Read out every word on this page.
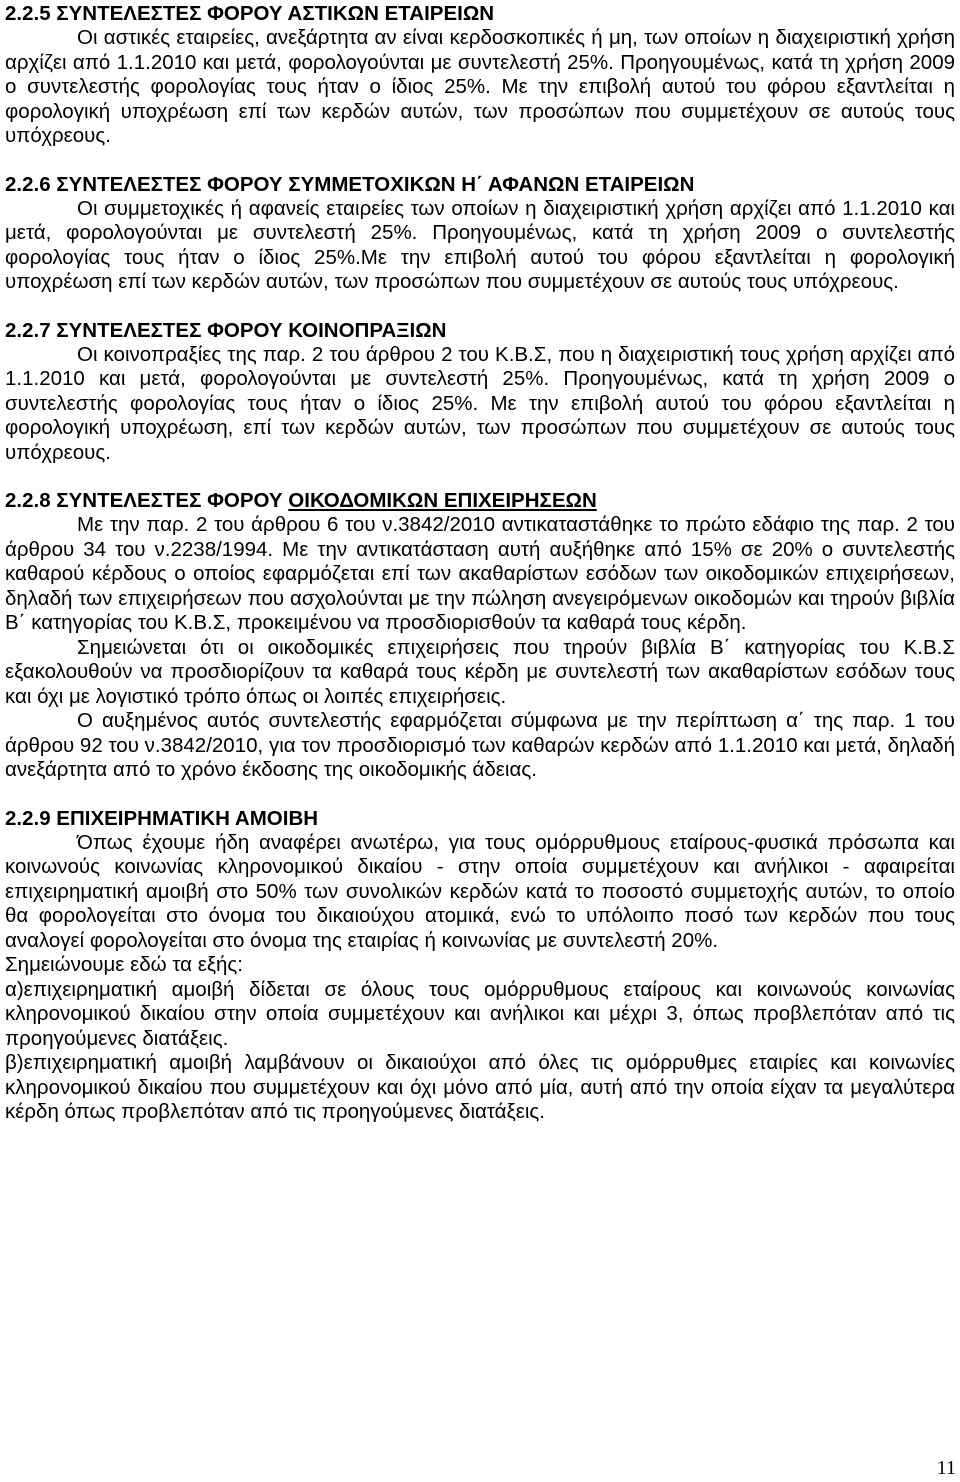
2.2.5 ΣΥΝΤΕΛΕΣΤΕΣ ΦΟΡΟΥ ΑΣΤΙΚΩΝ ΕΤΑΙΡΕΙΩΝ

Οι αστικές εταιρείες, ανεξάρτητα αν είναι κερδοσκοπικές ή μη, των οποίων η διαχειριστική χρήση αρχίζει από 1.1.2010 και μετά, φορολογούνται με συντελεστή 25%. Προηγουμένως, κατά τη χρήση 2009 ο συντελεστής φορολογίας τους ήταν ο ίδιος 25%. Με την επιβολή αυτού του φόρου εξαντλείται η φορολογική υποχρέωση επί των κερδών αυτών, των προσώπων που συμμετέχουν σε αυτούς τους υπόχρεους.

2.2.6 ΣΥΝΤΕΛΕΣΤΕΣ ΦΟΡΟΥ ΣΥΜΜΕΤΟΧΙΚΩΝ Η΄ ΑΦΑΝΩΝ ΕΤΑΙΡΕΙΩΝ

Οι συμμετοχικές ή αφανείς εταιρείες των οποίων η διαχειριστική χρήση αρχίζει από 1.1.2010 και μετά, φορολογούνται με συντελεστή 25%. Προηγουμένως, κατά τη χρήση 2009 ο συντελεστής φορολογίας τους ήταν ο ίδιος 25%.Με την επιβολή αυτού του φόρου εξαντλείται η φορολογική υποχρέωση επί των κερδών αυτών, των προσώπων που συμμετέχουν σε αυτούς τους υπόχρεους.

2.2.7 ΣΥΝΤΕΛΕΣΤΕΣ ΦΟΡΟΥ ΚΟΙΝΟΠΡΑΞΙΩΝ

Οι κοινοπραξίες της παρ. 2 του άρθρου 2 του Κ.Β.Σ, που η διαχειριστική τους χρήση αρχίζει από 1.1.2010 και μετά, φορολογούνται με συντελεστή 25%. Προηγουμένως, κατά τη χρήση 2009 ο συντελεστής φορολογίας τους ήταν ο ίδιος 25%. Με την επιβολή αυτού του φόρου εξαντλείται η φορολογική υποχρέωση, επί των κερδών αυτών, των προσώπων που συμμετέχουν σε αυτούς τους υπόχρεους.

2.2.8 ΣΥΝΤΕΛΕΣΤΕΣ ΦΟΡΟΥ ΟΙΚΟΔΟΜΙΚΩΝ ΕΠΙΧΕΙΡΗΣΕΩΝ

Με την παρ. 2 του άρθρου 6 του ν.3842/2010 αντικαταστάθηκε το πρώτο εδάφιο της παρ. 2 του άρθρου 34 του ν.2238/1994. Με την αντικατάσταση αυτή αυξήθηκε από 15% σε 20% ο συντελεστής καθαρού κέρδους ο οποίος εφαρμόζεται επί των ακαθαρίστων εσόδων των οικοδομικών επιχειρήσεων, δηλαδή των επιχειρήσεων που ασχολούνται με την πώληση ανεγειρόμενων οικοδομών και τηρούν βιβλία Β΄ κατηγορίας του Κ.Β.Σ, προκειμένου να προσδιορισθούν τα καθαρά τους κέρδη.

Σημειώνεται ότι οι οικοδομικές επιχειρήσεις που τηρούν βιβλία Β΄ κατηγορίας του Κ.Β.Σ εξακολουθούν να προσδιορίζουν τα καθαρά τους κέρδη με συντελεστή των ακαθαρίστων εσόδων τους και όχι με λογιστικό τρόπο όπως οι λοιπές επιχειρήσεις.

Ο αυξημένος αυτός συντελεστής εφαρμόζεται σύμφωνα με την περίπτωση α΄ της παρ. 1 του άρθρου 92 του ν.3842/2010, για τον προσδιορισμό των καθαρών κερδών από 1.1.2010 και μετά, δηλαδή ανεξάρτητα από το χρόνο έκδοσης της οικοδομικής άδειας.

2.2.9 ΕΠΙΧΕΙΡΗΜΑΤΙΚΗ ΑΜΟΙΒΗ

Όπως έχουμε ήδη αναφέρει ανωτέρω, για τους ομόρρυθμους εταίρους-φυσικά πρόσωπα και κοινωνούς κοινωνίας κληρονομικού δικαίου - στην οποία συμμετέχουν και ανήλικοι - αφαιρείται επιχειρηματική αμοιβή στο 50% των συνολικών κερδών κατά το ποσοστό συμμετοχής αυτών, το οποίο θα φορολογείται στο όνομα του δικαιούχου ατομικά, ενώ το υπόλοιπο ποσό των κερδών που τους αναλογεί φορολογείται στο όνομα της εταιρίας ή κοινωνίας με συντελεστή 20%.

Σημειώνουμε εδώ τα εξής:

α)επιχειρηματική αμοιβή δίδεται σε όλους τους ομόρρυθμους εταίρους και κοινωνούς κοινωνίας κληρονομικού δικαίου στην οποία συμμετέχουν και ανήλικοι και μέχρι 3, όπως προβλεπόταν από τις προηγούμενες διατάξεις.

β)επιχειρηματική αμοιβή λαμβάνουν οι δικαιούχοι από όλες τις ομόρρυθμες εταιρίες και κοινωνίες κληρονομικού δικαίου που συμμετέχουν και όχι μόνο από μία, αυτή από την οποία είχαν τα μεγαλύτερα κέρδη όπως προβλεπόταν από τις προηγούμενες διατάξεις.

11
